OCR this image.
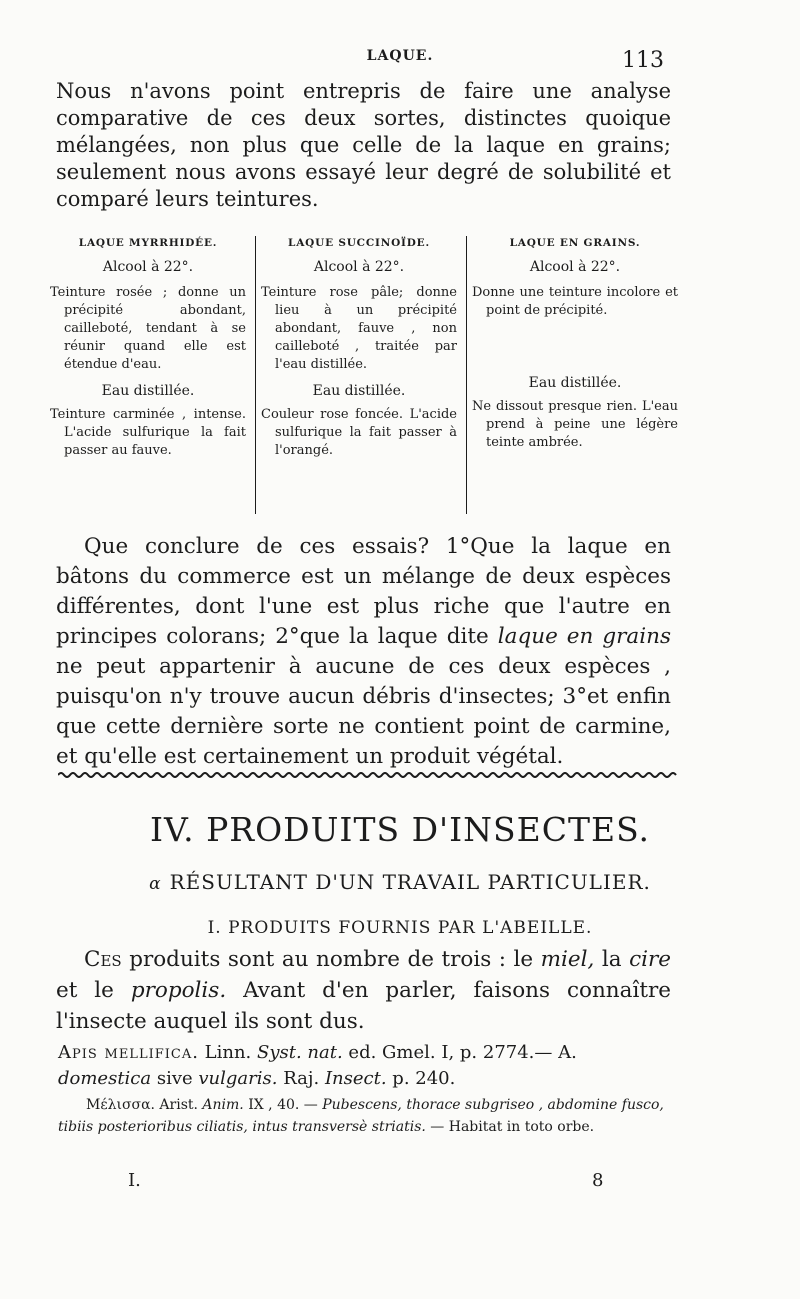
LAQUE.	113

Nous n'avons point entrepris de faire une analyse comparative de ces deux sortes, distinctes quoique mélangées, non plus que celle de la laque en grains; seulement nous avons essayé leur degré de solubilité et comparé leurs teintures.

LAQUE MYRRHIDÉE.
Alcool à 22°.

Teinture rosée ; donne un précipité abondant, cailleboté, tendant à se réunir quand elle est étendue d'eau.

Eau distillée.

Teinture carminée , intense. L'acide sulfurique la fait passer au fauve.

LAQUE SUCCINOÏDE.
Alcool à 22°.

Teinture rose pâle; donne lieu à un précipité abondant, fauve , non cailleboté , traitée par l'eau distillée.

Eau distillée.

Couleur rose foncée. L'acide sulfurique la fait passer à l'orangé.

LAQUE EN GRAINS.
Alcool à 22°.

Donne une teinture incolore et point de précipité.

Eau distillée.

Ne dissout presque rien. L'eau prend à peine une légère teinte ambrée.

Que conclure de ces essais? 1°Que la laque en bâtons du commerce est un mélange de deux espèces différentes, dont l'une est plus riche que l'autre en principes colorans; 2°que la laque dite laque en grains ne peut appartenir à aucune de ces deux espèces , puisqu'on n'y trouve aucun débris d'insectes; 3°et enfin que cette dernière sorte ne contient point de carmine, et qu'elle est certainement un produit végétal.

IV. PRODUITS D'INSECTES.
α RÉSULTANT D'UN TRAVAIL PARTICULIER.
I. PRODUITS FOURNIS PAR L'ABEILLE.

Ces produits sont au nombre de trois : le miel, la cire et le propolis. Avant d'en parler, faisons connaître l'insecte auquel ils sont dus.

Apis mellifica. Linn. Syst. nat. ed. Gmel. I, p. 2774.— A. domestica sive vulgaris. Raj. Insect. p. 240.

Μέλισσα. Arist. Anim. IX , 40. — Pubescens, thorace subgriseo , abdomine fusco, tibiis posterioribus ciliatis, intus transversè striatis. — Habitat in toto orbe.

I.	8
